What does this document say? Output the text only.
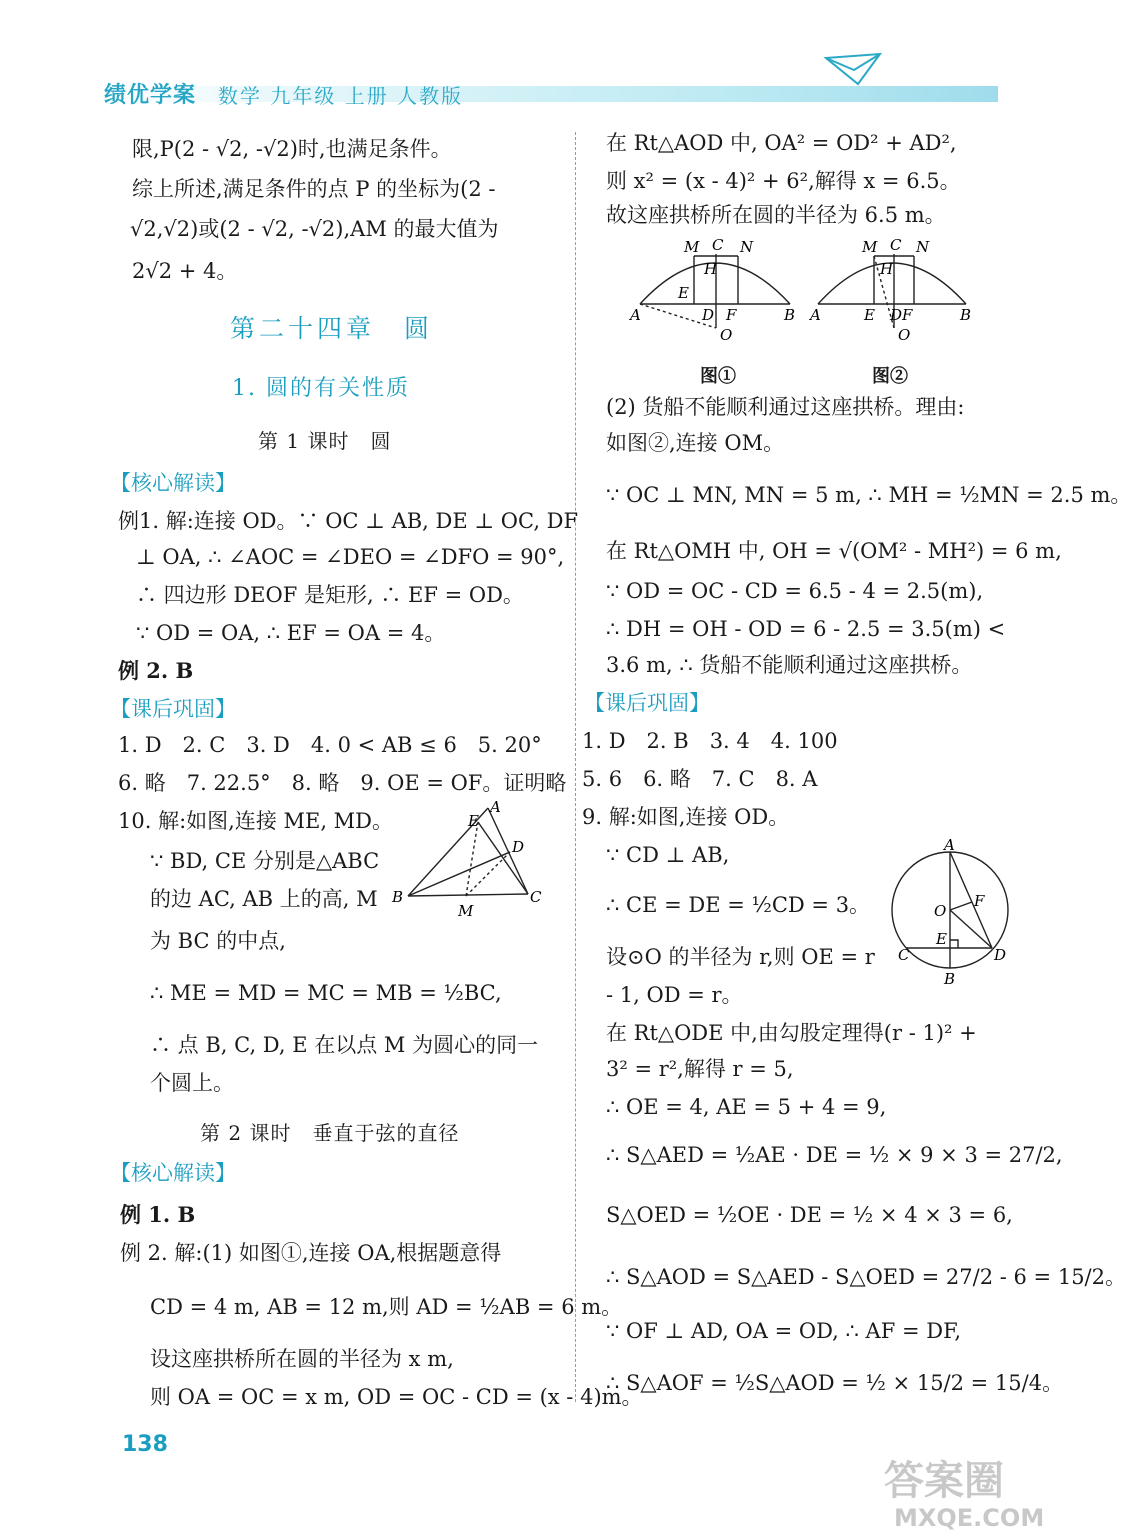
绩优学案 数学 九年级 上册 人教版
限,P(2 - √2, -√2)时,也满足条件。
综上所述,满足条件的点 P 的坐标为(2 -
√2,√2)或(2 - √2, -√2),AM 的最大值为
2√2 + 4。
第二十四章　圆
1. 圆的有关性质
第 1 课时　圆
【核心解读】
例1. 解:连接 OD。∵ OC ⊥ AB, DE ⊥ OC, DF
⊥ OA, ∴ ∠AOC = ∠DEO = ∠DFO = 90°,
∴ 四边形 DEOF 是矩形, ∴ EF = OD。
∵ OD = OA, ∴ EF = OA = 4。
例 2. B
【课后巩固】
1. D　2. C　3. D　4. 0 < AB ≤ 6　5. 20°
6. 略　7. 22.5°　8. 略　9. OE = OF。证明略
10. 解:如图,连接 ME, MD。
∵ BD, CE 分别是△ABC
的边 AC, AB 上的高, M
为 BC 的中点,
∴ ME = MD = MC = MB = ½BC,
∴ 点 B, C, D, E 在以点 M 为圆心的同一
个圆上。
A
E
D
B	C
M
第 2 课时　垂直于弦的直径
【核心解读】
例 1. B
例 2. 解:(1) 如图①,连接 OA,根据题意得
CD = 4 m, AB = 12 m,则 AD = ½AB = 6 m。
设这座拱桥所在圆的半径为 x m,
则 OA = OC = x m, OD = OC - CD = (x - 4)m。
在 Rt△AOD 中, OA² = OD² + AD²,
则 x² = (x - 4)² + 6²,解得 x = 6.5。
故这座拱桥所在圆的半径为 6.5 m。
M C N
H
E
A	D F	B
O
M C N
H
A	E DF	B
O
图①	图②
(2) 货船不能顺利通过这座拱桥。理由:
如图②,连接 OM。
∵ OC ⊥ MN, MN = 5 m, ∴ MH = ½MN = 2.5 m。
在 Rt△OMH 中, OH = √(OM² - MH²) = 6 m,
∵ OD = OC - CD = 6.5 - 4 = 2.5(m),
∴ DH = OH - OD = 6 - 2.5 = 3.5(m) <
3.6 m, ∴ 货船不能顺利通过这座拱桥。
【课后巩固】
1. D　2. B　3. 4　4. 100
5. 6　6. 略　7. C　8. A
9. 解:如图,连接 OD。
∵ CD ⊥ AB,
∴ CE = DE = ½CD = 3。
设⊙O 的半径为 r,则 OE = r
- 1, OD = r。
A
O
F
E
C	D
B
在 Rt△ODE 中,由勾股定理得(r - 1)² +
3² = r²,解得 r = 5,
∴ OE = 4, AE = 5 + 4 = 9,
∴ S△AED = ½AE · DE = ½ × 9 × 3 = 27/2,
S△OED = ½OE · DE = ½ × 4 × 3 = 6,
∴ S△AOD = S△AED - S△OED = 27/2 - 6 = 15/2。
∵ OF ⊥ AD, OA = OD, ∴ AF = DF,
∴ S△AOF = ½S△AOD = ½ × 15/2 = 15/4。
138
答案圈
MXQE.COM
